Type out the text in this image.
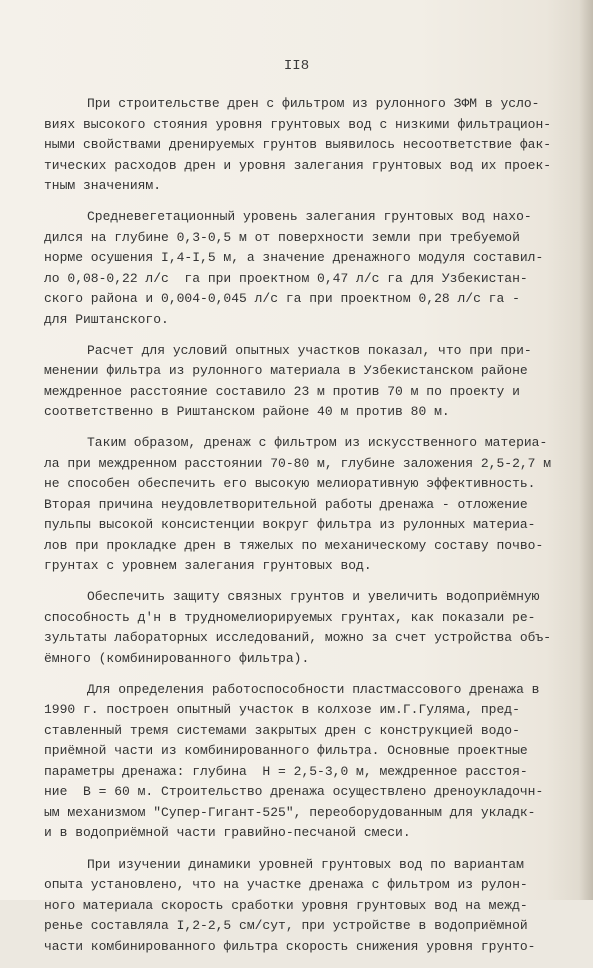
II8
При строительстве дрен с фильтром из рулонного ЗФМ в усло-
виях высокого стояния уровня грунтовых вод с низкими фильтрацион-
ными свойствами дренируемых грунтов выявилось несоответствие фак-
тических расходов дрен и уровня залегания грунтовых вод их проек-
тным значениям.
Средневегетационный уровень залегания грунтовых вод нахо-
дился на глубине 0,3-0,5 м от поверхности земли при требуемой
норме осушения I,4-I,5 м, а значение дренажного модуля составил-
ло 0,08-0,22 л/с  га при проектном 0,47 л/с га для Узбекистан-
ского района и 0,004-0,045 л/с га при проектном 0,28 л/с га -
для Риштанского.
Расчет для условий опытных участков показал, что при при-
менении фильтра из рулонного материала в Узбекистанском районе
междренное расстояние составило 23 м против 70 м по проекту и
соответственно в Риштанском районе 40 м против 80 м.
Таким образом, дренаж с фильтром из искусственного материа-
ла при междренном расстоянии 70-80 м, глубине заложения 2,5-2,7 м
не способен обеспечить его высокую мелиоративную эффективность.
Вторая причина неудовлетворительной работы дренажа - отложение
пульпы высокой консистенции вокруг фильтра из рулонных материа-
лов при прокладке дрен в тяжелых по механическому составу почво-
грунтах с уровнем залегания грунтовых вод.
Обеспечить защиту связных грунтов и увеличить водоприёмную
способность д'н в трудномелиорируемых грунтах, как показали ре-
зультаты лабораторных исследований, можно за счет устройства объ-
ёмного (комбинированного фильтра).
Для определения работоспособности пластмассового дренажа в
1990 г. построен опытный участок в колхозе им.Г.Гуляма, пред-
ставленный тремя системами закрытых дрен с конструкцией водо-
приёмной части из комбинированного фильтра. Основные проектные
параметры дренажа: глубина  H = 2,5-3,0 м, междренное расстоя-
ние  B = 60 м. Строительство дренажа осуществлено дреноукладочн-
ым механизмом "Супер-Гигант-525", переоборудованным для укладк-
и в водоприёмной части гравийно-песчаной смеси.
При изучении динамики уровней грунтовых вод по вариантам
опыта установлено, что на участке дренажа с фильтром из рулон-
ного материала скорость сработки уровня грунтовых вод на межд-
ренье составляла I,2-2,5 см/сут, при устройстве в водоприёмной
части комбинированного фильтра скорость снижения уровня грунто-
